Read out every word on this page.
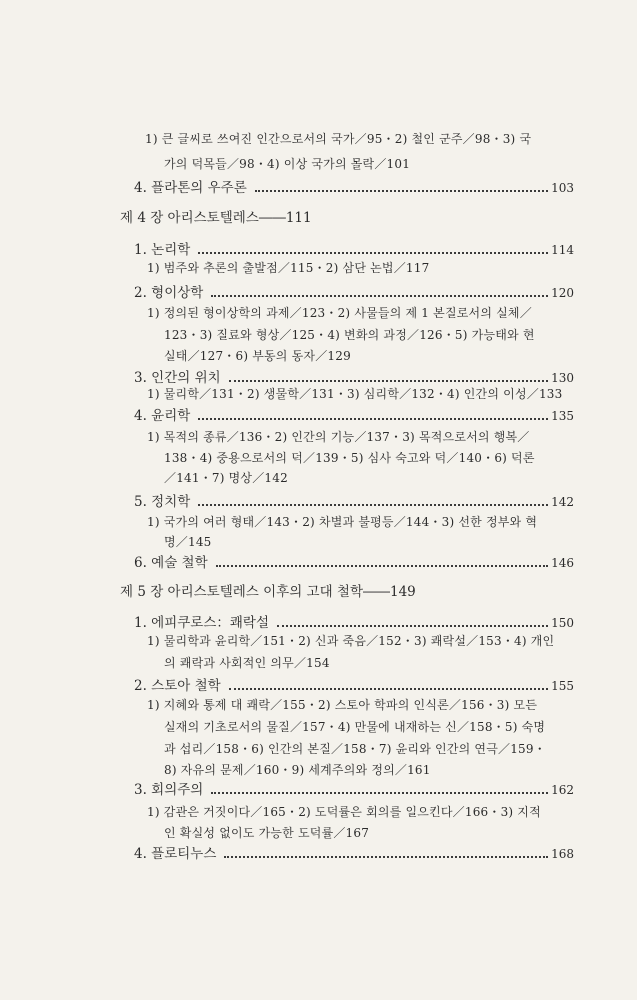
1) 큰 글씨로 쓰여진 인간으로서의 국가／95・2) 철인 군주／98・3) 국
가의 덕목들／98・4) 이상 국가의 몰락／101
4. 플라톤의 우주론	103
제 4 장 아리스토텔레스――111
1. 논리학	114
1) 범주와 추론의 출발점／115・2) 삼단 논법／117
2. 형이상학	120
1) 정의된 형이상학의 과제／123・2) 사물들의 제 1 본질로서의 실체／
123・3) 질료와 형상／125・4) 변화의 과정／126・5) 가능태와 현
실태／127・6) 부동의 동자／129
3. 인간의 위치	130
1) 물리학／131・2) 생물학／131・3) 심리학／132・4) 인간의 이성／133
4. 윤리학	135
1) 목적의 종류／136・2) 인간의 기능／137・3) 목적으로서의 행복／
138・4) 중용으로서의 덕／139・5) 심사 숙고와 덕／140・6) 덕론
／141・7) 명상／142
5. 정치학	142
1) 국가의 여러 형태／143・2) 차별과 불평등／144・3) 선한 정부와 혁
명／145
6. 예술 철학	146
제 5 장 아리스토텔레스 이후의 고대 철학――149
1. 에피쿠로스：쾌락설	150
1) 물리학과 윤리학／151・2) 신과 죽음／152・3) 쾌락설／153・4) 개인
의 쾌락과 사회적인 의무／154
2. 스토아 철학	155
1) 지혜와 통제 대 쾌락／155・2) 스토아 학파의 인식론／156・3) 모든
실재의 기초로서의 물질／157・4) 만물에 내재하는 신／158・5) 숙명
과 섭리／158・6) 인간의 본질／158・7) 윤리와 인간의 연극／159・
8) 자유의 문제／160・9) 세계주의와 정의／161
3. 회의주의	162
1) 감관은 거짓이다／165・2) 도덕률은 회의를 일으킨다／166・3) 지적
인 확실성 없이도 가능한 도덕률／167
4. 플로티누스	168
